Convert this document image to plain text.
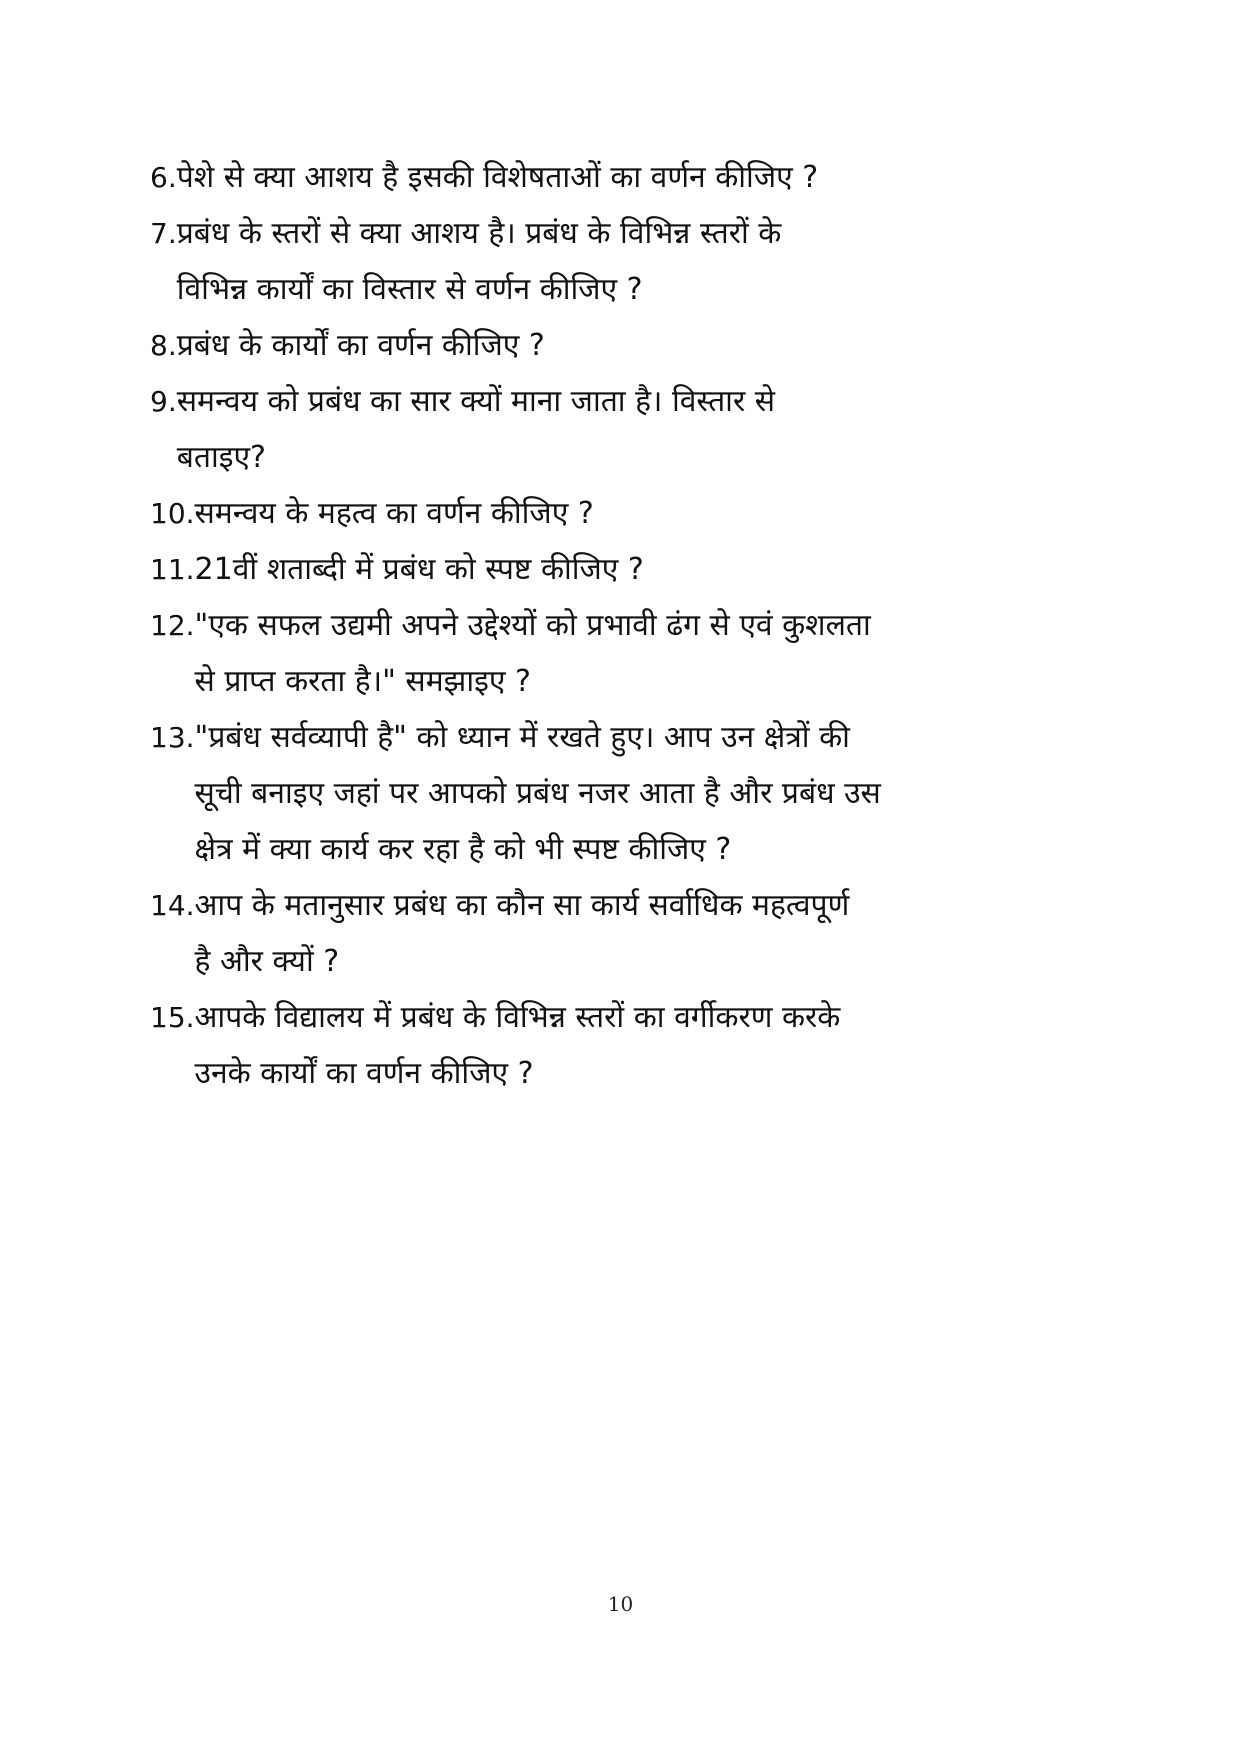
6. पेशे से क्या आशय है इसकी विशेषताओं का वर्णन कीजिए ?
7. प्रबंध के स्तरों से क्या आशय है। प्रबंध के विभिन्न स्तरों के
विभिन्न कार्यों का विस्तार से वर्णन कीजिए ?
8. प्रबंध के कार्यों का वर्णन कीजिए ?
9. समन्वय को प्रबंध का सार क्यों माना जाता है। विस्तार से
बताइए?
10. समन्वय के महत्व का वर्णन कीजिए ?
11. 21वीं शताब्दी में प्रबंध को स्पष्ट कीजिए ?
12. "एक सफल उद्यमी अपने उद्देश्यों को प्रभावी ढंग से एवं कुशलता
से प्राप्त करता है।" समझाइए ?
13. "प्रबंध सर्वव्यापी है" को ध्यान में रखते हुए। आप उन क्षेत्रों की
सूची बनाइए जहां पर आपको प्रबंध नजर आता है और प्रबंध उस
क्षेत्र में क्या कार्य कर रहा है को भी स्पष्ट कीजिए ?
14. आप के मतानुसार प्रबंध का कौन सा कार्य सर्वाधिक महत्वपूर्ण
है और क्यों ?
15. आपके विद्यालय में प्रबंध के विभिन्न स्तरों का वर्गीकरण करके
उनके कार्यों का वर्णन कीजिए ?
10
